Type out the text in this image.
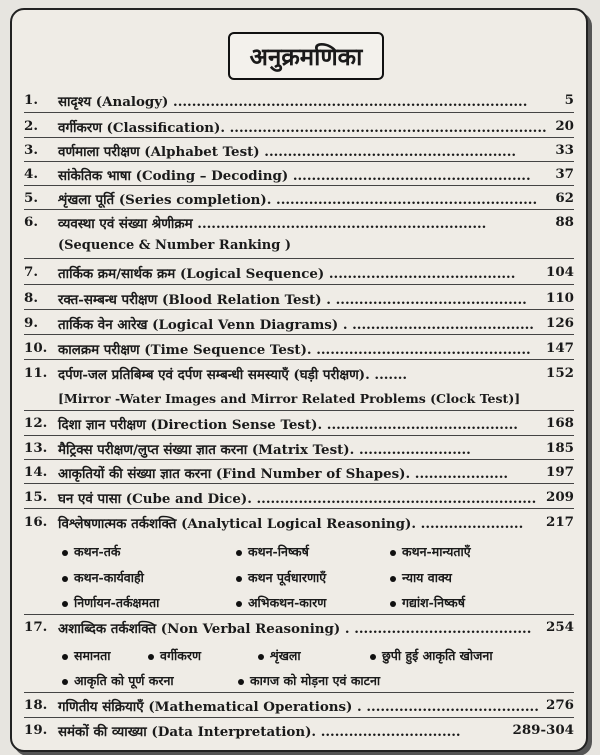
अनुक्रमणिका
1.	सादृश्य (Analogy) ............................................................................	5
2.	वर्गीकरण (Classification). .................................................................... 20
3.	वर्णमाला परीक्षण (Alphabet Test) ......................................................	33
4.	सांकेतिक भाषा (Coding – Decoding) ................................................... 37
5.	शृंखला पूर्ति (Series completion). ........................................................ 62
6.	व्यवस्था एवं संख्या श्रेणीक्रम ..............................................................	88
(Sequence & Number Ranking )
7.	तार्किक क्रम/सार्थक क्रम (Logical Sequence) ........................................ 104
8.	रक्त-सम्बन्ध परीक्षण (Blood Relation Test) . ......................................... 110
9.	तार्किक वेन आरेख (Logical Venn Diagrams) . ....................................... 126
10. कालक्रम परीक्षण (Time Sequence Test). .............................................. 147
11. दर्पण-जल प्रतिबिम्ब एवं दर्पण सम्बन्धी समस्याएँ (घड़ी परीक्षण). .......	152
[Mirror -Water Images and Mirror Related Problems (Clock Test)]
12. दिशा ज्ञान परीक्षण (Direction Sense Test). ......................................... 168
13. मैट्रिक्स परीक्षण/लुप्त संख्या ज्ञात करना (Matrix Test). ........................	185
14. आकृतियों की संख्या ज्ञात करना (Find Number of Shapes). ....................	197
15. घन एवं पासा (Cube and Dice). ............................................................ 209
16. विश्लेषणात्मक तर्कशक्ति (Analytical Logical Reasoning). ...................... 217
कथन-तर्क	कथन-निष्कर्ष	कथन-मान्यताएँ
कथन-कार्यवाही	कथन पूर्वधारणाएँ	न्याय वाक्य
निर्णायन-तर्कक्षमता	अभिकथन-कारण	गद्यांश-निष्कर्ष
17. अशाब्दिक तर्कशक्ति (Non Verbal Reasoning) . ...................................... 254
समानता	वर्गीकरण	शृंखला	छुपी हुई आकृति खोजना
आकृति को पूर्ण करना	कागज को मोड़ना एवं काटना
18. गणितीय संक्रियाएँ (Mathematical Operations) . ..................................... 276
19. समंकों की व्याख्या (Data Interpretation). ..............................	289-304
